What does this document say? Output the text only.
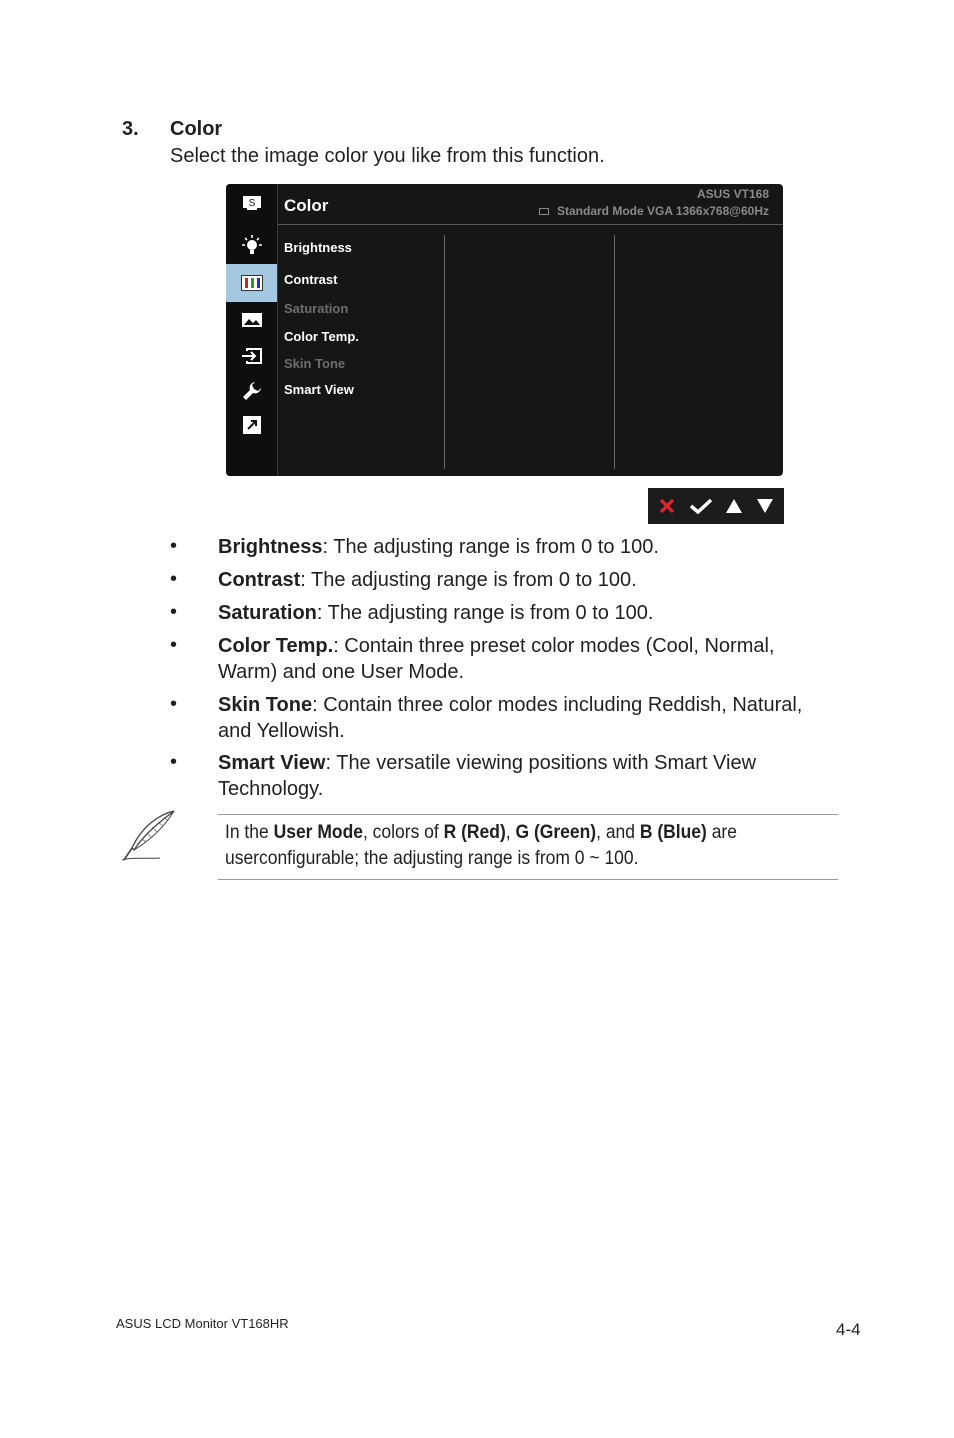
3. Color
Select the image color you like from this function.
S Color
ASUS VT168
Standard Mode VGA 1366x768@60Hz
Brightness
Contrast
Saturation
Color Temp.
Skin Tone
Smart View
• Brightness: The adjusting range is from 0 to 100.
• Contrast: The adjusting range is from 0 to 100.
• Saturation: The adjusting range is from 0 to 100.
• Color Temp.: Contain three preset color modes (Cool, Normal, Warm) and one User Mode.
• Skin Tone: Contain three color modes including Reddish, Natural, and Yellowish.
• Smart View: The versatile viewing positions with Smart View Technology.
In the User Mode, colors of R (Red), G (Green), and B (Blue) are userconfigurable; the adjusting range is from 0 ~ 100.
ASUS LCD Monitor VT168HR	4-4
